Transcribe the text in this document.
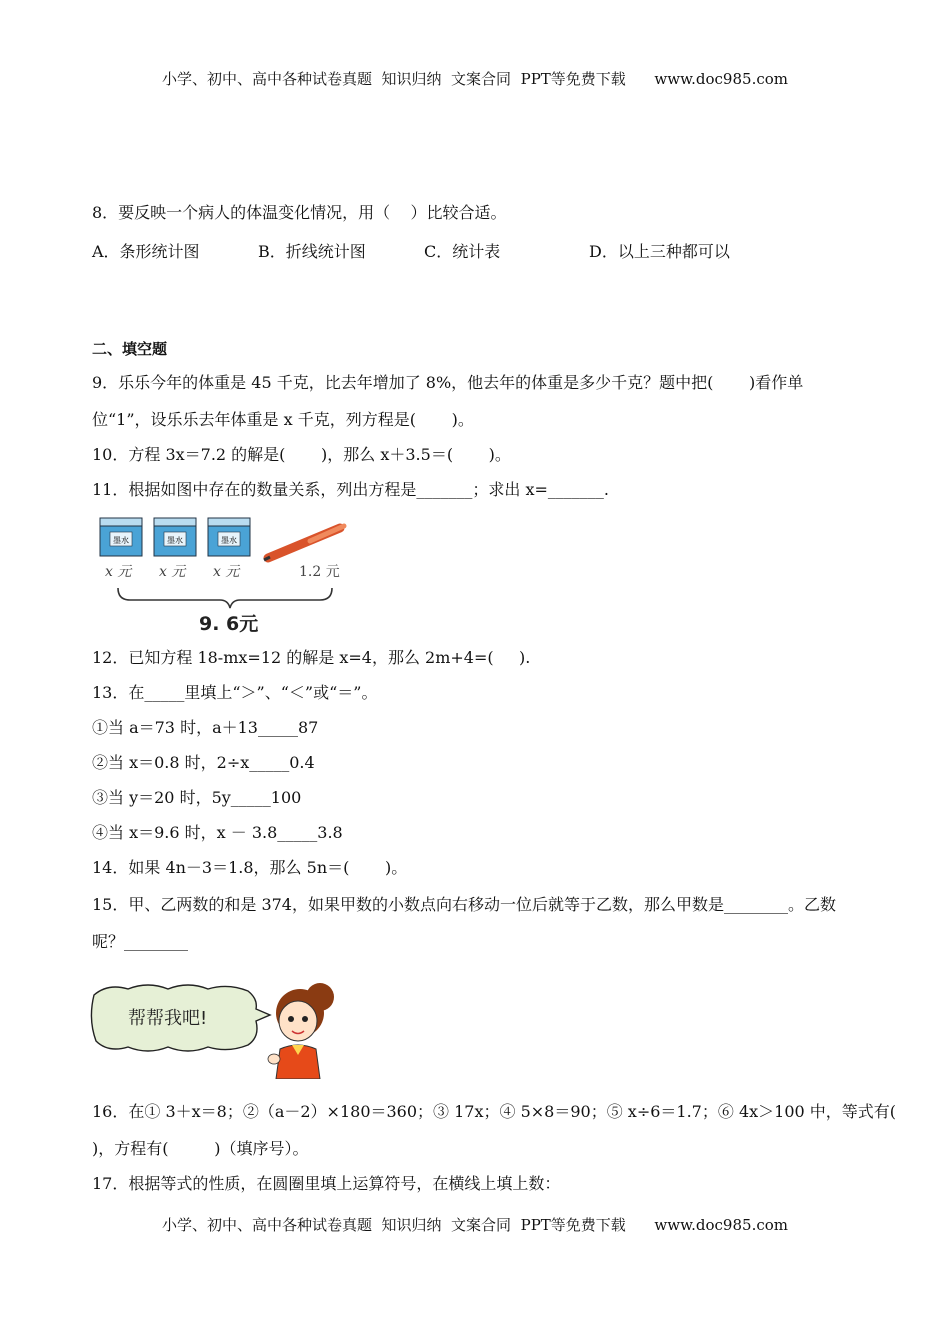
小学、初中、高中各种试卷真题  知识归纳  文案合同  PPT等免费下载      www.doc985.com
8．要反映一个病人的体温变化情况，用（    ）比较合适。
A．条形统计图	B．折线统计图	C．统计表	D．以上三种都可以
二、填空题
9．乐乐今年的体重是 45 千克，比去年增加了 8%，他去年的体重是多少千克？题中把(       )看作单
位“1”，设乐乐去年体重是 x 千克，列方程是(       )。
10．方程 3x＝7.2 的解是(       )，那么 x＋3.5＝(       )。
11．根据如图中存在的数量关系，列出方程是_______；求出 x=_______.
墨水	墨水	墨水
x 元 x 元 x 元	1.2 元
9. 6元
12．已知方程 18-mx=12 的解是 x=4，那么 2m+4=(     ).
13．在_____里填上“＞”、“＜”或“＝”。
①当 a＝73 时，a＋13_____87
②当 x＝0.8 时，2÷x_____0.4
③当 y＝20 时，5y_____100
④当 x＝9.6 时，x － 3.8_____3.8
14．如果 4n－3＝1.8，那么 5n＝(       )。
15．甲、乙两数的和是 374，如果甲数的小数点向右移动一位后就等于乙数，那么甲数是________。乙数
呢？________
帮帮我吧!
16．在① 3＋x＝8；②（a－2）×180＝360；③ 17x；④ 5×8＝90；⑤ x÷6＝1.7；⑥ 4x＞100 中，等式有(
)，方程有(         )（填序号）。
17．根据等式的性质，在圆圈里填上运算符号，在横线上填上数：
小学、初中、高中各种试卷真题  知识归纳  文案合同  PPT等免费下载      www.doc985.com
